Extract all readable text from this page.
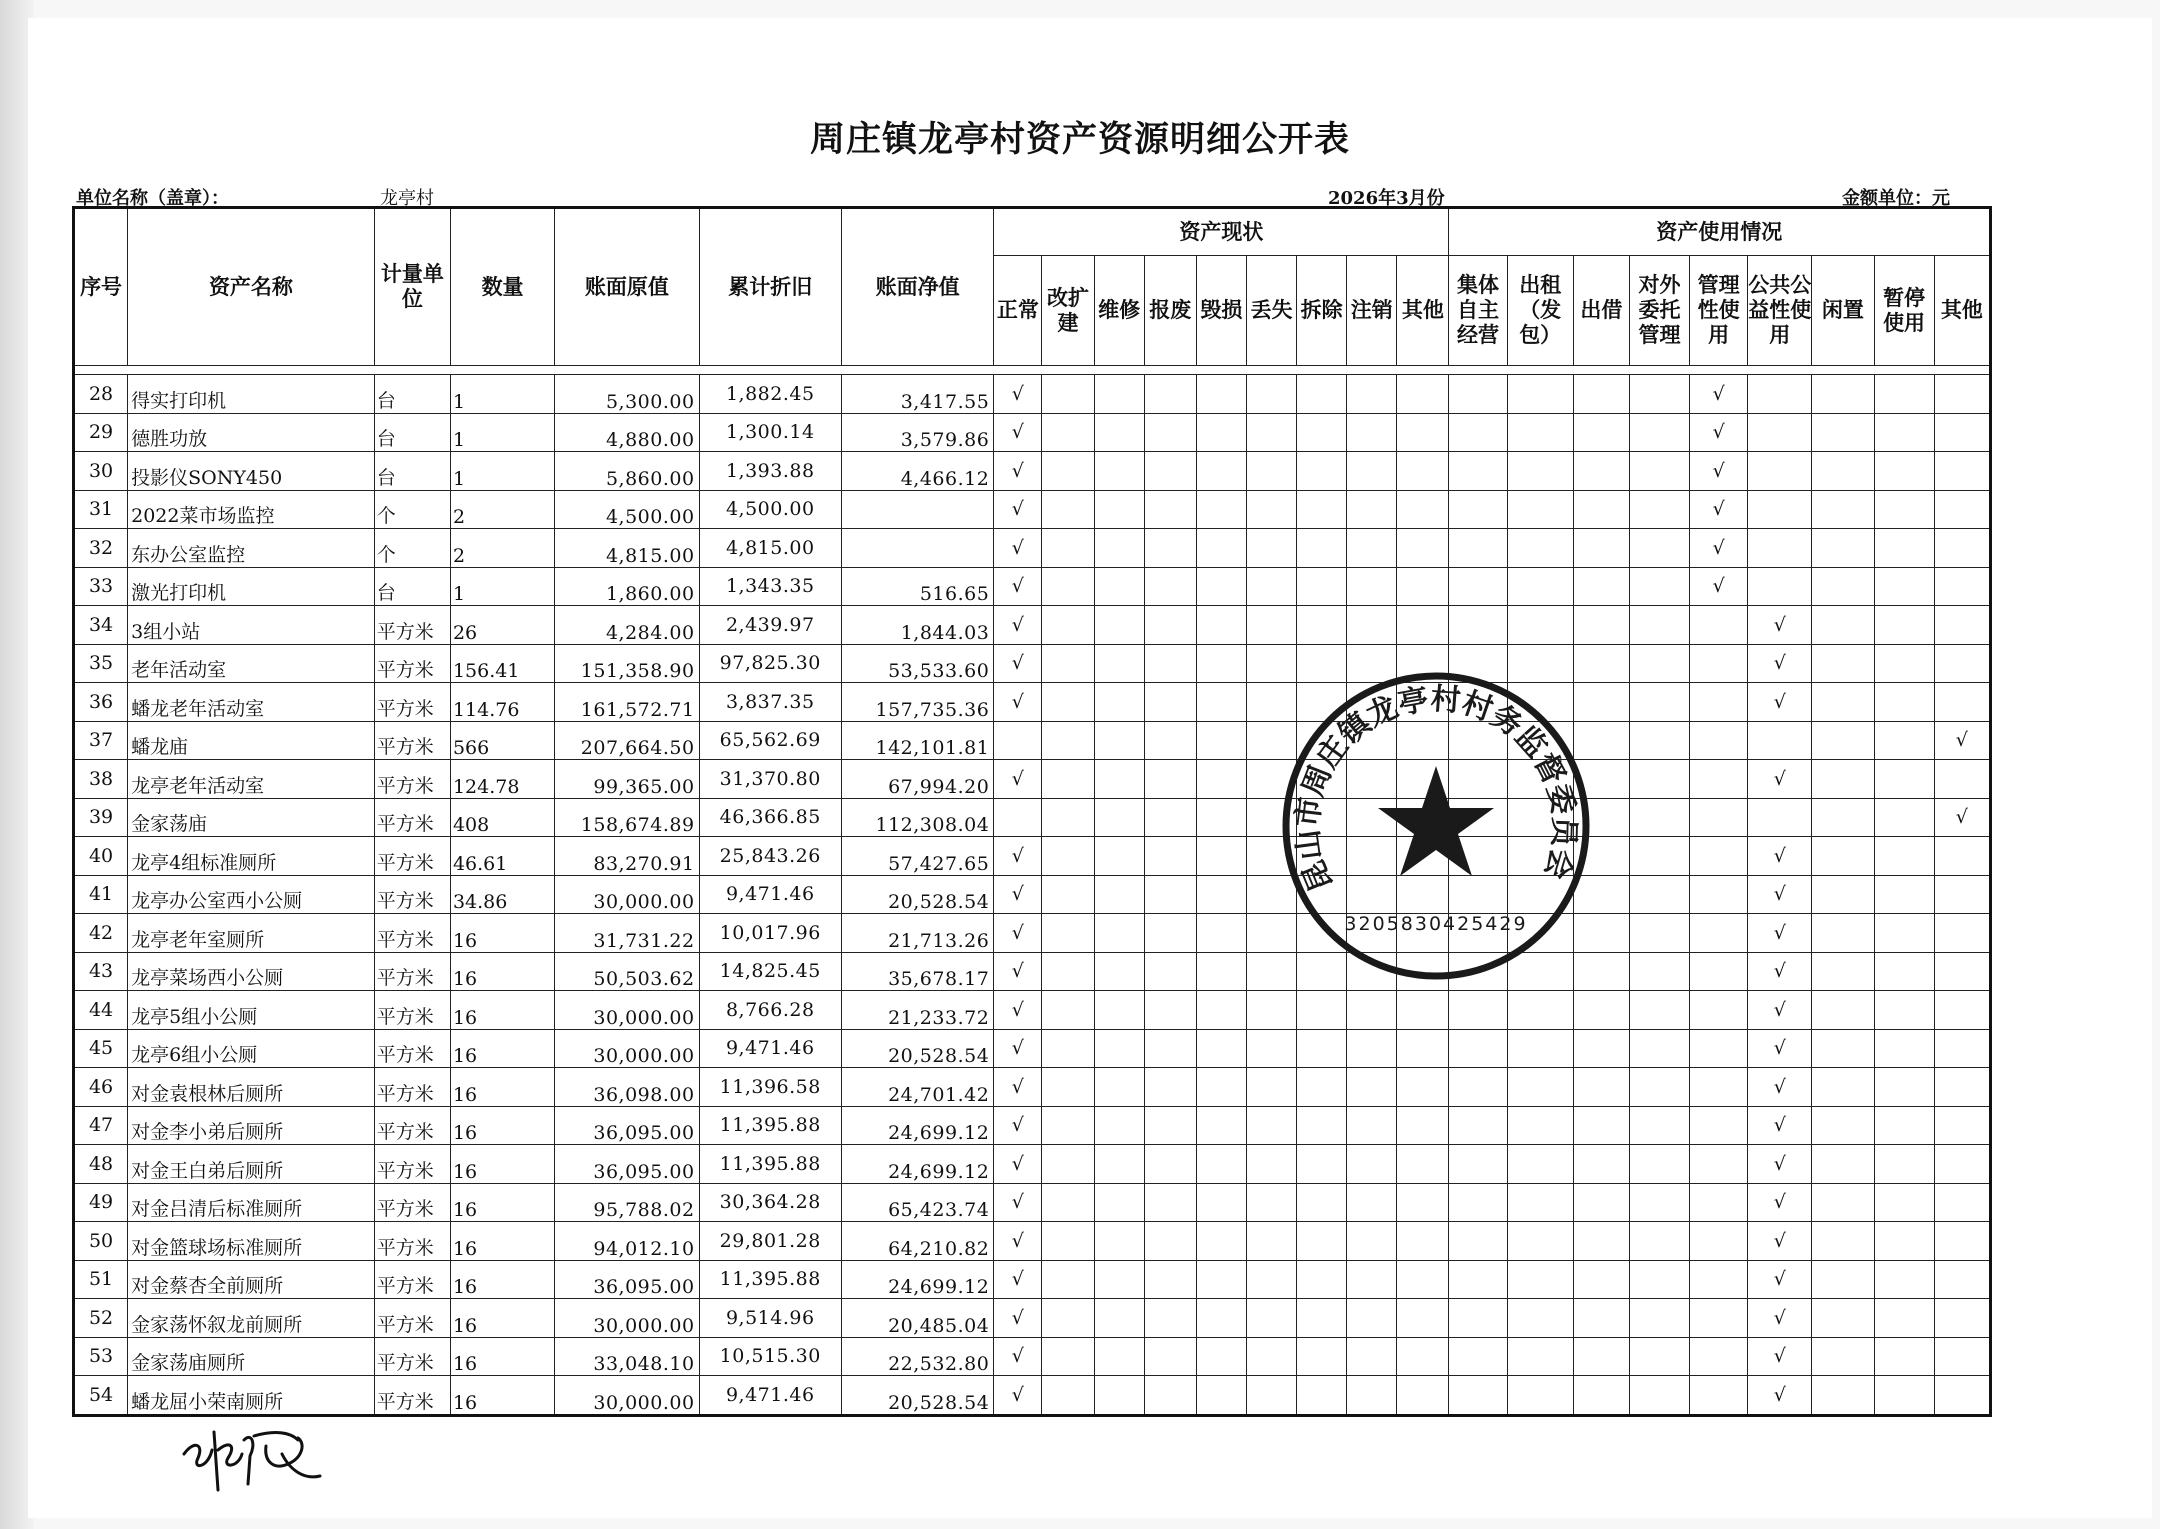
周庄镇龙亭村资产资源明细公开表
单位名称（盖章）：	龙亭村	2026年3月份	金额单位：元
序号	资产名称	计量单位	数量	账面原值	累计折旧	账面净值	资产现状									资产使用情况								
							正常	改扩建	维修	报废	毁损	丢失	拆除	注销	其他	集体自主经营	出租（发包）	出借	对外委托管理	管理性使用	公共公益性使用	闲置	暂停使用	其他

28	得实打印机	台	1	5,300.00	1,882.45	3,417.55	√													√				
29	德胜功放	台	1	4,880.00	1,300.14	3,579.86	√													√				
30	投影仪SONY450	台	1	5,860.00	1,393.88	4,466.12	√													√				
31	2022菜市场监控	个	2	4,500.00	4,500.00		√													√				
32	东办公室监控	个	2	4,815.00	4,815.00		√													√				
33	激光打印机	台	1	1,860.00	1,343.35	516.65	√													√				
34	3组小站	平方米	26	4,284.00	2,439.97	1,844.03	√														√			
35	老年活动室	平方米	156.41	151,358.90	97,825.30	53,533.60	√														√			
36	蟠龙老年活动室	平方米	114.76	161,572.71	3,837.35	157,735.36	√														√			
37	蟠龙庙	平方米	566	207,664.50	65,562.69	142,101.81																		√
38	龙亭老年活动室	平方米	124.78	99,365.00	31,370.80	67,994.20	√														√			
39	金家荡庙	平方米	408	158,674.89	46,366.85	112,308.04																		√
40	龙亭4组标准厕所	平方米	46.61	83,270.91	25,843.26	57,427.65	√														√			
41	龙亭办公室西小公厕	平方米	34.86	30,000.00	9,471.46	20,528.54	√														√			
42	龙亭老年室厕所	平方米	16	31,731.22	10,017.96	21,713.26	√														√			
43	龙亭菜场西小公厕	平方米	16	50,503.62	14,825.45	35,678.17	√														√			
44	龙亭5组小公厕	平方米	16	30,000.00	8,766.28	21,233.72	√														√			
45	龙亭6组小公厕	平方米	16	30,000.00	9,471.46	20,528.54	√														√			
46	对金袁根林后厕所	平方米	16	36,098.00	11,396.58	24,701.42	√														√			
47	对金李小弟后厕所	平方米	16	36,095.00	11,395.88	24,699.12	√														√			
48	对金王白弟后厕所	平方米	16	36,095.00	11,395.88	24,699.12	√														√			
49	对金吕清后标准厕所	平方米	16	95,788.02	30,364.28	65,423.74	√														√			
50	对金篮球场标准厕所	平方米	16	94,012.10	29,801.28	64,210.82	√														√			
51	对金蔡杏全前厕所	平方米	16	36,095.00	11,395.88	24,699.12	√														√			
52	金家荡怀叙龙前厕所	平方米	16	30,000.00	9,514.96	20,485.04	√														√			
53	金家荡庙厕所	平方米	16	33,048.10	10,515.30	22,532.80	√														√			
54	蟠龙屈小荣南厕所	平方米	16	30,000.00	9,471.46	20,528.54	√														√			
昆山市周庄镇龙亭村村务监督委员会
3205830425429
